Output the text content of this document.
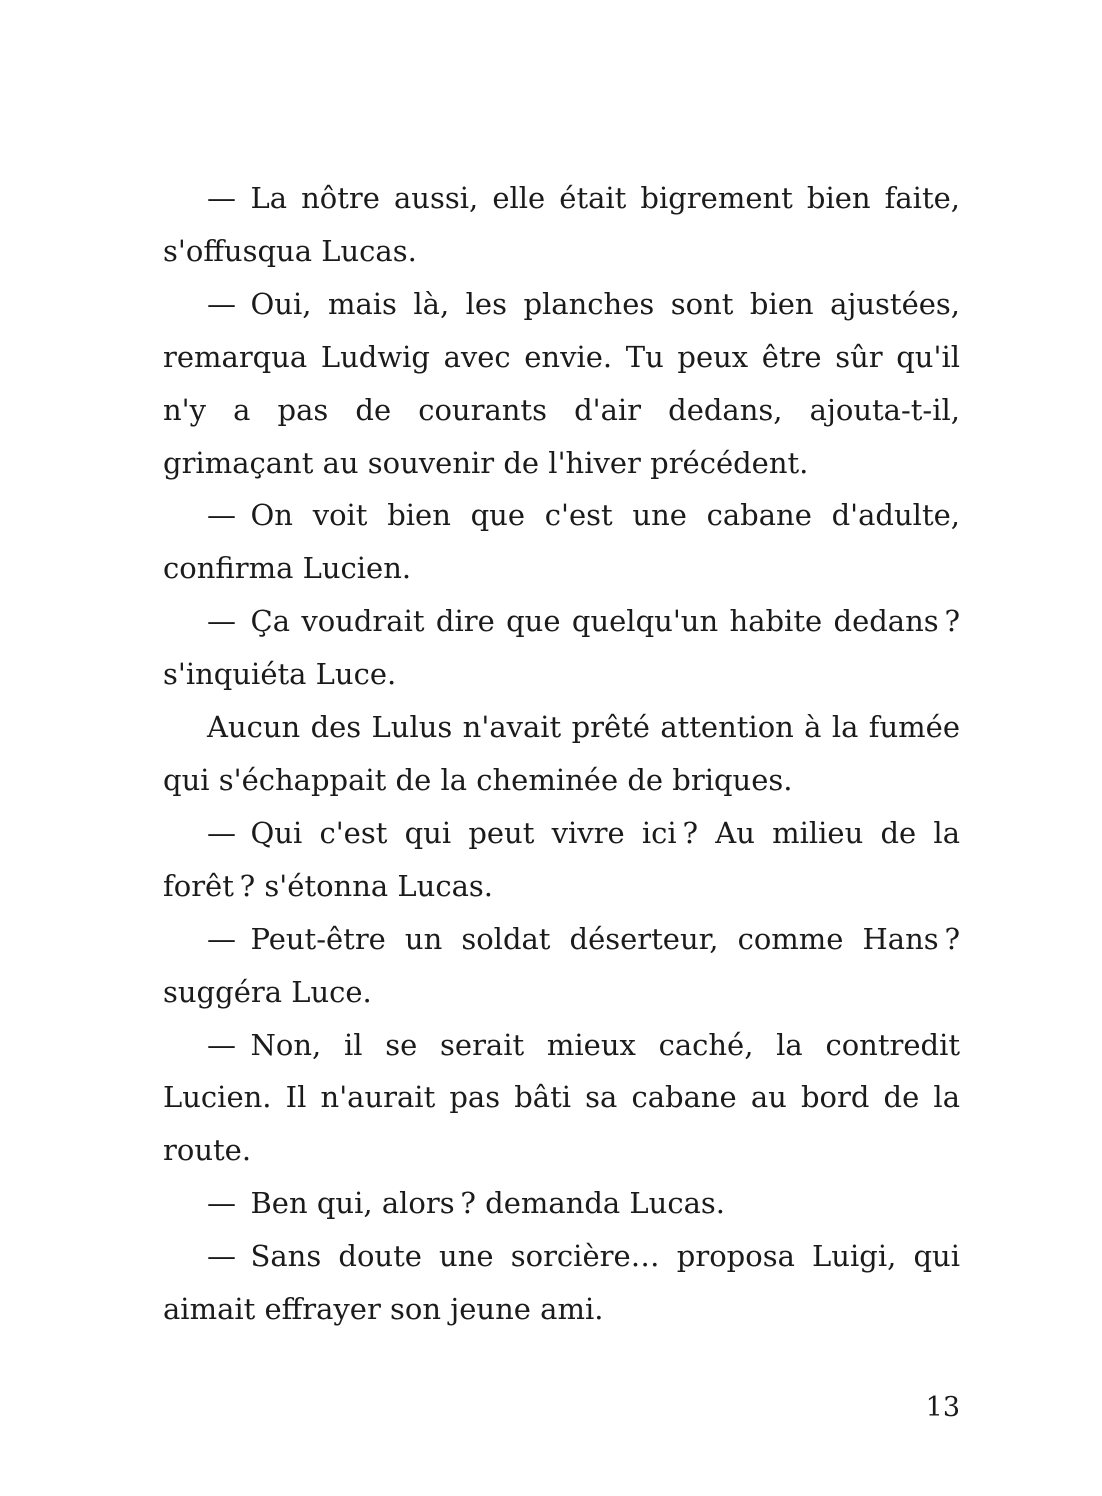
— La nôtre aussi, elle était bigrement bien faite, s'offusqua Lucas.

— Oui, mais là, les planches sont bien ajustées, remarqua Ludwig avec envie. Tu peux être sûr qu'il n'y a pas de courants d'air dedans, ajouta-t-il, grimaçant au souvenir de l'hiver précédent.

— On voit bien que c'est une cabane d'adulte, confirma Lucien.

— Ça voudrait dire que quelqu'un habite dedans ? s'inquiéta Luce.

Aucun des Lulus n'avait prêté attention à la fumée qui s'échappait de la cheminée de briques.

— Qui c'est qui peut vivre ici ? Au milieu de la forêt ? s'étonna Lucas.

— Peut-être un soldat déserteur, comme Hans ? suggéra Luce.

— Non, il se serait mieux caché, la contredit Lucien. Il n'aurait pas bâti sa cabane au bord de la route.

— Ben qui, alors ? demanda Lucas.

— Sans doute une sorcière… proposa Luigi, qui aimait effrayer son jeune ami.

13
